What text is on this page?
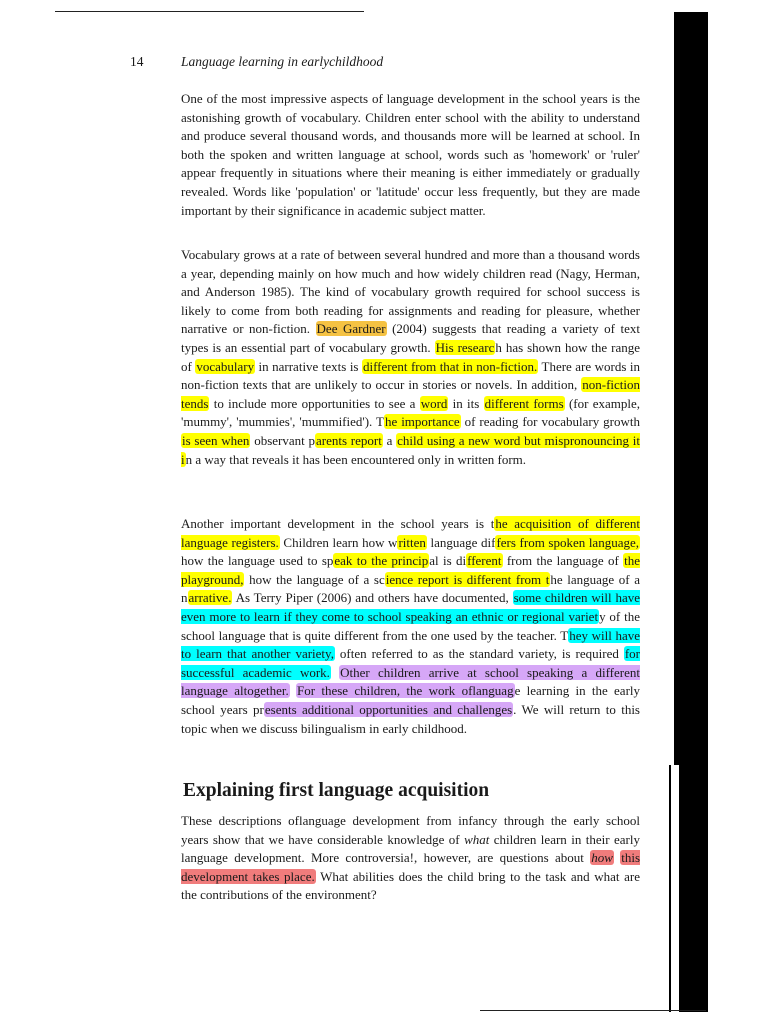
14	Language learning in earlychildhood

One of the most impressive aspects of language development in the school years is the astonishing growth of vocabulary. Children enter school with the ability to understand and produce several thousand words, and thousands more will be learned at school. In both the spoken and written language at school, words such as 'homework' or 'ruler' appear frequently in situations where their meaning is either immediately or gradually revealed. Words like 'population' or 'latitude' occur less frequently, but they are made important by their significance in academic subject matter.

Vocabulary grows at a rate of between several hundred and more than a thousand words a year, depending mainly on how much and how widely children read (Nagy, Herman, and Anderson 1985). The kind of vocabulary growth required for school success is likely to come from both reading for assignments and reading for pleasure, whether narrative or non-fiction. Dee Gardner (2004) suggests that reading a variety of text types is an essential part of vocabulary growth. His research has shown how the range of vocabulary in narrative texts is different from that in non-fiction. There are words in non-fiction texts that are unlikely to occur in stories or novels. In addition, non-fiction tends to include more opportunities to see a word in its different forms (for example, 'mummy', 'mummies', 'mummified'). The importance of reading for vocabulary growth is seen when observant parents report a child using a new word but mispronouncing it in a way that reveals it has been encountered only in written form.

Another important development in the school years is the acquisition of different language registers. Children learn how written language differs from spoken language, how the language used to speak to the principal is different from the language of the playground, how the language of a science report is different from the language of a narrative. As Terry Piper (2006) and others have documented, some children will have even more to learn if they come to school speaking an ethnic or regional variety of the school language that is quite different from the one used by the teacher. They will have to learn that another variety, often referred to as the standard variety, is required for successful academic work. Other children arrive at school speaking a different language altogether. For these children, the work oflanguage learning in the early school years presents additional opportunities and challenges. We will return to this topic when we discuss bilingualism in early childhood.

Explaining first language acquisition

These descriptions oflanguage development from infancy through the early school years show that we have considerable knowledge of what children learn in their early language development. More controversia!, however, are questions about how this development takes place. What abilities does the child bring to the task and what are the contributions of the environment?
